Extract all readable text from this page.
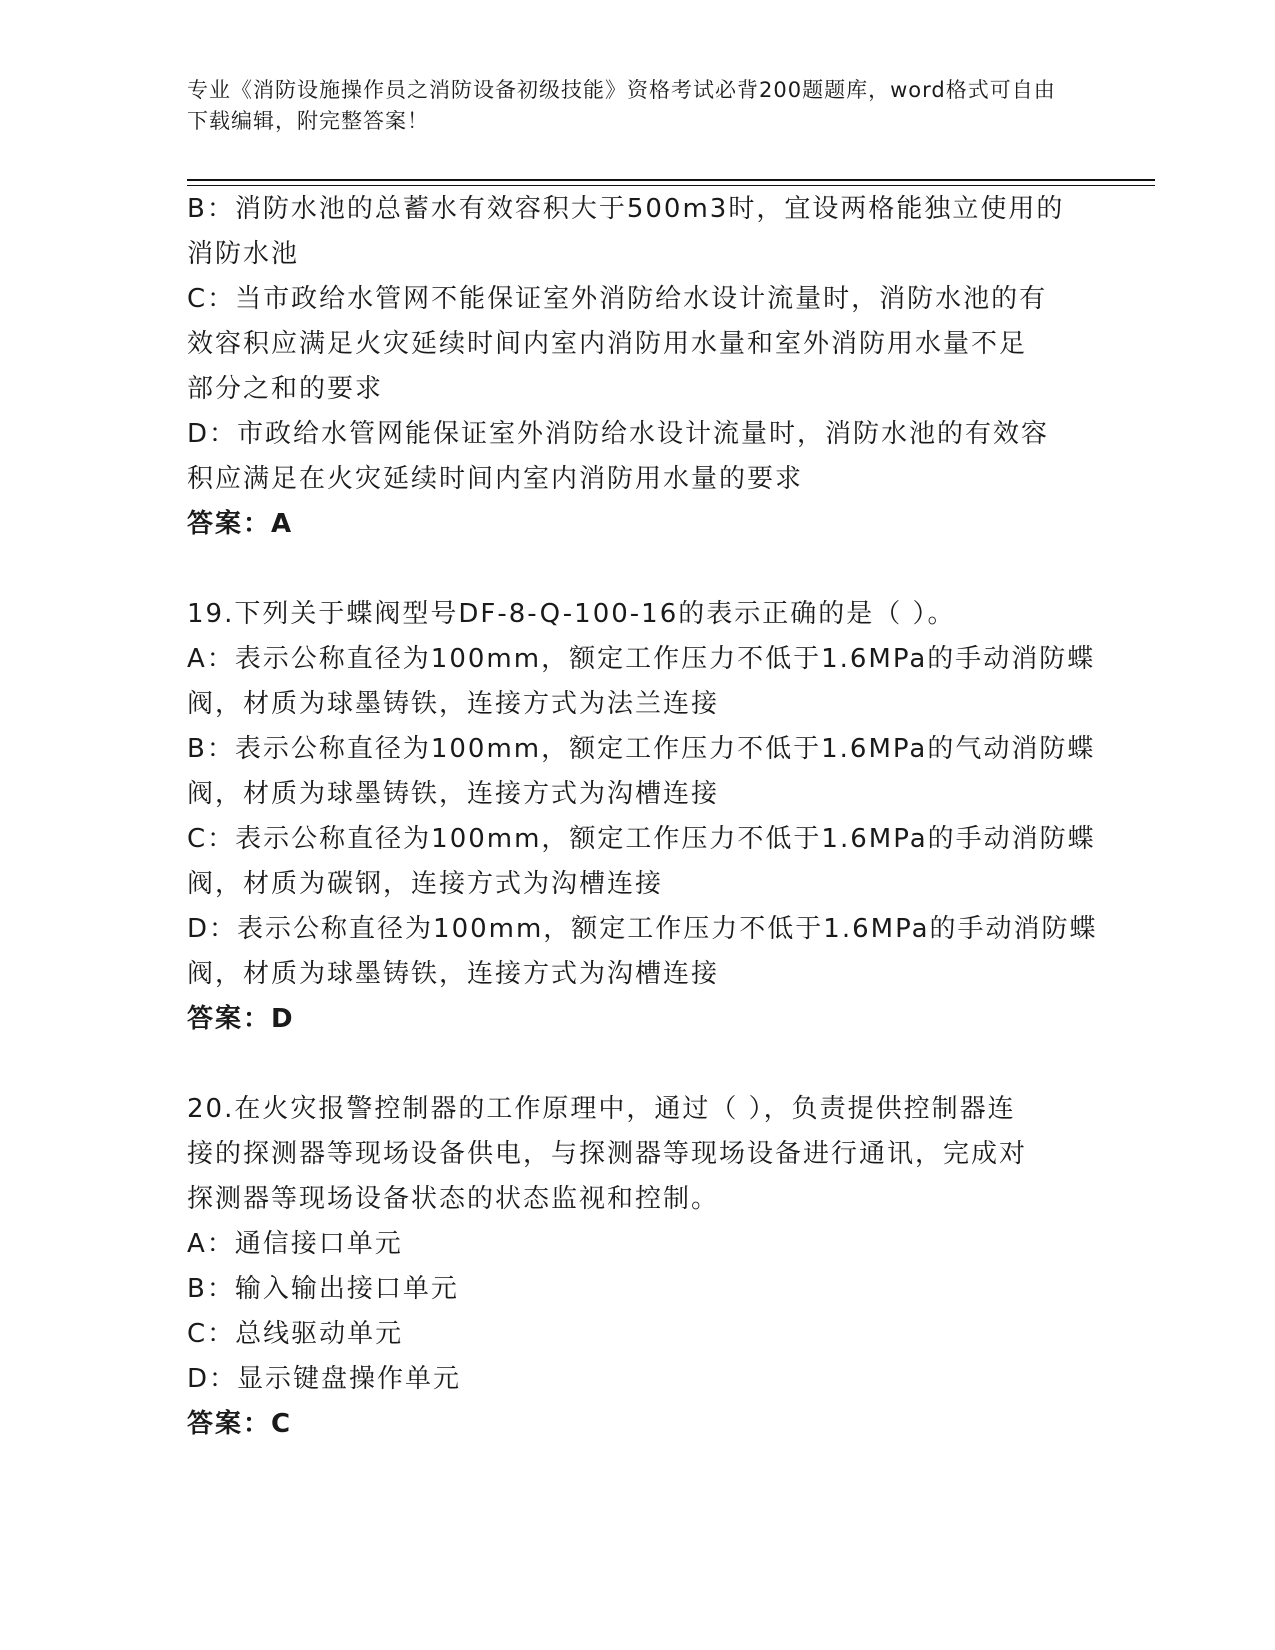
专业《消防设施操作员之消防设备初级技能》资格考试必背200题题库，word格式可自由下载编辑，附完整答案！
B：消防水池的总蓄水有效容积大于500m3时，宜设两格能独立使用的
消防水池
C：当市政给水管网不能保证室外消防给水设计流量时，消防水池的有
效容积应满足火灾延续时间内室内消防用水量和室外消防用水量不足
部分之和的要求
D：市政给水管网能保证室外消防给水设计流量时，消防水池的有效容
积应满足在火灾延续时间内室内消防用水量的要求
答案：A
19.下列关于蝶阀型号DF-8-Q-100-16的表示正确的是（ ）。
A：表示公称直径为100mm，额定工作压力不低于1.6MPa的手动消防蝶
阀，材质为球墨铸铁，连接方式为法兰连接
B：表示公称直径为100mm，额定工作压力不低于1.6MPa的气动消防蝶
阀，材质为球墨铸铁，连接方式为沟槽连接
C：表示公称直径为100mm，额定工作压力不低于1.6MPa的手动消防蝶
阀，材质为碳钢，连接方式为沟槽连接
D：表示公称直径为100mm，额定工作压力不低于1.6MPa的手动消防蝶
阀，材质为球墨铸铁，连接方式为沟槽连接
答案：D
20.在火灾报警控制器的工作原理中，通过（ ），负责提供控制器连
接的探测器等现场设备供电，与探测器等现场设备进行通讯，完成对
探测器等现场设备状态的状态监视和控制。
A：通信接口单元
B：输入输出接口单元
C：总线驱动单元
D：显示键盘操作单元
答案：C
